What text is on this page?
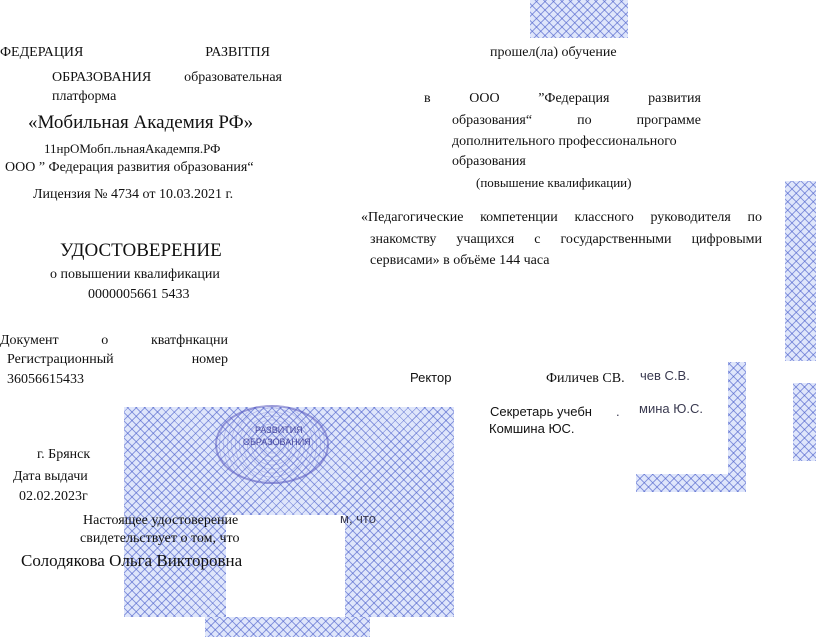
РАЗВИТИЯ
ОБРАЗОВАНИЯ
ФЕДЕРАЦИЯ	РАЗВІТПЯ
ОБРАЗОВАНИЯ образовательная
платформа
«Мобильная Академия РФ»
11нрОМобп.льнаяАкадемпя.РФ
ООО ” Федерация развития образования“
Лицензия № 4734 от 10.03.2021 г.
УДОСТОВЕРЕНИЕ
о повышении квалификации
0000005661 5433
Документ	о	кватфнкацни
Регистрационный	номер
36056615433
г. Брянск
Дата выдачи
02.02.2023г
Настоящее удостоверение
свидетельствует о том, что
м, что
Солодякова Ольга Викторовна
прошел(ла) обучение
в	ООО	”Федерация	развития
образования“	по	программе
дополнительного профессионального
образования
(повышение квалификации)
«Педагогические компетенции классного руководителя по
знакомству учащихся с государственными цифровыми
сервисами» в объёме 144 часа
Ректор	Филичев СВ. чев С.В.
Секретарь учебн . мина Ю.С.
Комшина ЮС.
